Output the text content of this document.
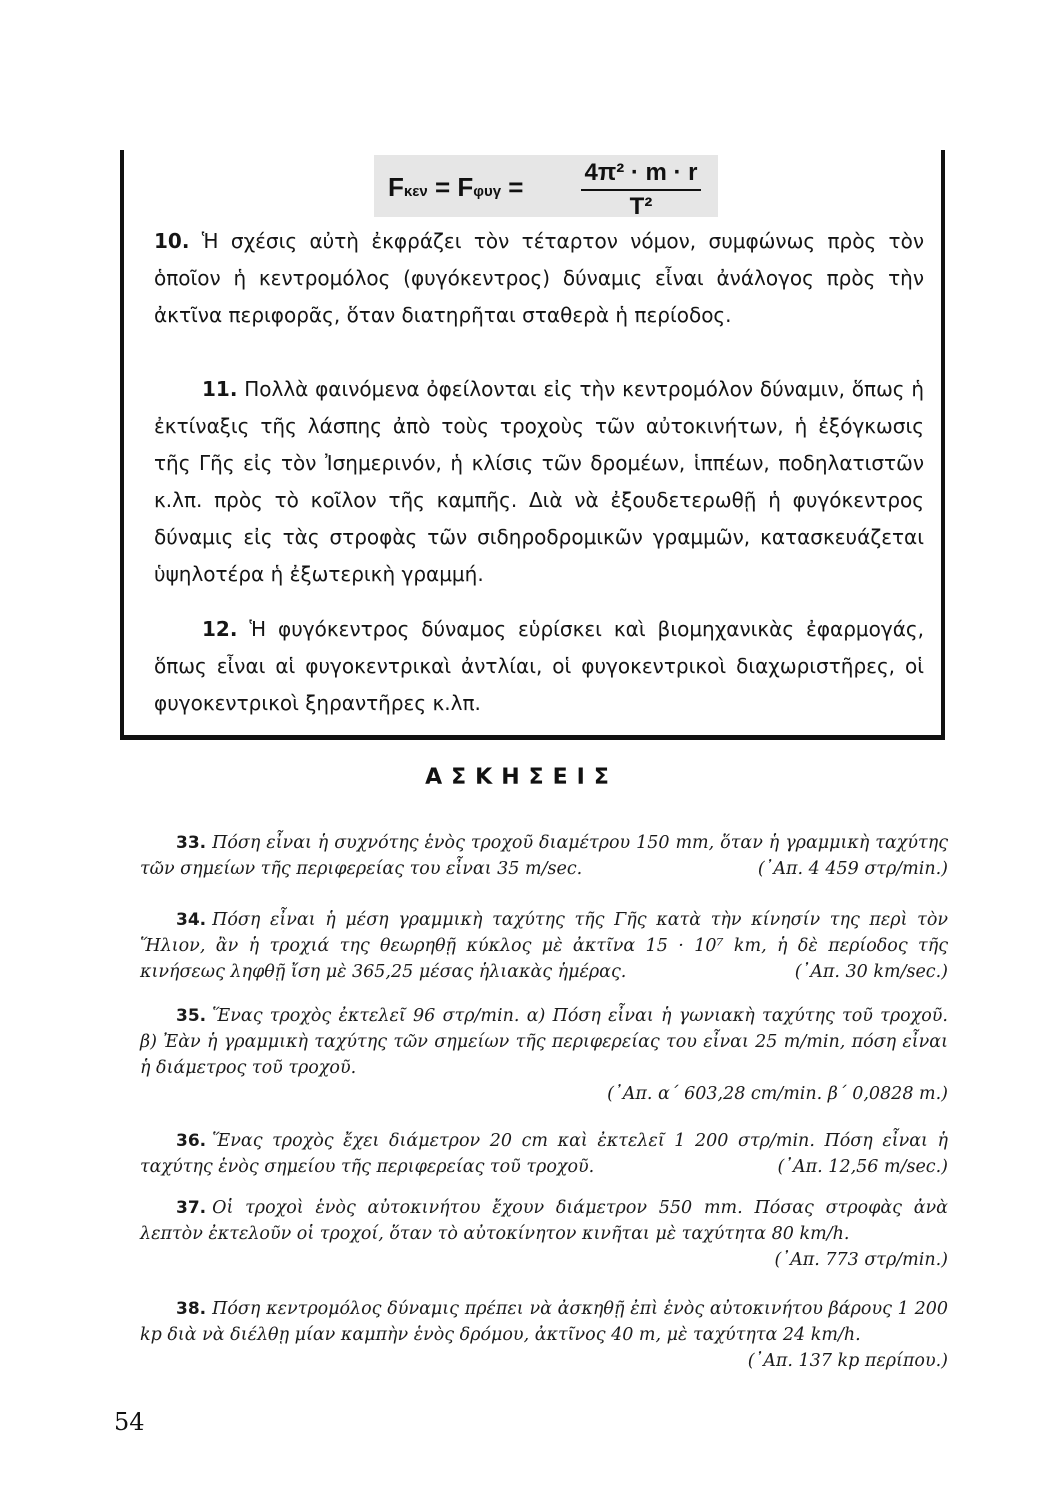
Fκεν = Fφυγ =	4π² · m · r
T²

10. Ἡ σχέσις αὐτὴ ἐκφράζει τὸν τέταρτον νόμον, συμφώνως πρὸς τὸν ὁποῖον ἡ κεντρομόλος (φυγόκεντρος) δύναμις εἶναι ἀνάλογος πρὸς τὴν ἀκτῖνα περιφορᾶς, ὅταν διατηρῆται σταθερὰ ἡ περίοδος.

11. Πολλὰ φαινόμενα ὀφείλονται εἰς τὴν κεντρομόλον δύναμιν, ὅπως ἡ ἐκτίναξις τῆς λάσπης ἀπὸ τοὺς τροχοὺς τῶν αὐτοκινήτων, ἡ ἐξόγκωσις τῆς Γῆς εἰς τὸν Ἰσημερινόν, ἡ κλίσις τῶν δρομέων, ἱππέων, ποδηλατιστῶν κ.λπ. πρὸς τὸ κοῖλον τῆς καμπῆς. Διὰ νὰ ἐξουδετερωθῇ ἡ φυγόκεντρος δύναμις εἰς τὰς στροφὰς τῶν σιδηροδρομικῶν γραμμῶν, κατασκευάζεται ὑψηλοτέρα ἡ ἐξωτερικὴ γραμμή.

12. Ἡ φυγόκεντρος δύναμος εὑρίσκει καὶ βιομηχανικὰς ἐφαρμογάς, ὅπως εἶναι αἱ φυγοκεντρικαὶ ἀντλίαι, οἱ φυγοκεντρικοὶ διαχωριστῆρες, οἱ φυγοκεντρικοὶ ξηραντῆρες κ.λπ.

ΑΣΚΗΣΕΙΣ

33. Πόση εἶναι ἡ συχνότης ἑνὸς τροχοῦ διαμέτρου 150 mm, ὅταν ἡ γραμμικὴ ταχύτης τῶν σημείων τῆς περιφερείας του εἶναι 35 m/sec.	(᾿Απ. 4 459 στρ/min.)

34. Πόση εἶναι ἡ μέση γραμμικὴ ταχύτης τῆς Γῆς κατὰ τὴν κίνησίν της περὶ τὸν Ἥλιον, ἂν ἡ τροχιά της θεωρηθῇ κύκλος μὲ ἀκτῖνα 15 · 10⁷ km, ἡ δὲ περίοδος τῆς κινήσεως ληφθῇ ἴση μὲ 365,25 μέσας ἡλιακὰς ἡμέρας.	(᾿Απ. 30 km/sec.)

35. Ἕνας τροχὸς ἐκτελεῖ 96 στρ/min. α) Πόση εἶναι ἡ γωνιακὴ ταχύτης τοῦ τροχοῦ. β) Ἐὰν ἡ γραμμικὴ ταχύτης τῶν σημείων τῆς περιφερείας του εἶναι 25 m/min, πόση εἶναι ἡ διάμετρος τοῦ τροχοῦ.
(᾿Απ. α΄ 603,28 cm/min. β΄ 0,0828 m.)

36. Ἕνας τροχὸς ἔχει διάμετρον 20 cm καὶ ἐκτελεῖ 1 200 στρ/min. Πόση εἶναι ἡ ταχύτης ἑνὸς σημείου τῆς περιφερείας τοῦ τροχοῦ.	(᾿Απ. 12,56 m/sec.)

37. Οἱ τροχοὶ ἑνὸς αὐτοκινήτου ἔχουν διάμετρον 550 mm. Πόσας στροφὰς ἀνὰ λεπτὸν ἐκτελοῦν οἱ τροχοί, ὅταν τὸ αὐτοκίνητον κινῆται μὲ ταχύτητα 80 km/h.
(᾿Απ. 773 στρ/min.)

38. Πόση κεντρομόλος δύναμις πρέπει νὰ ἀσκηθῇ ἐπὶ ἑνὸς αὐτοκινήτου βάρους 1 200 kp διὰ νὰ διέλθῃ μίαν καμπὴν ἑνὸς δρόμου, ἀκτῖνος 40 m, μὲ ταχύτητα 24 km/h.
(᾿Απ. 137 kp περίπου.)

54
